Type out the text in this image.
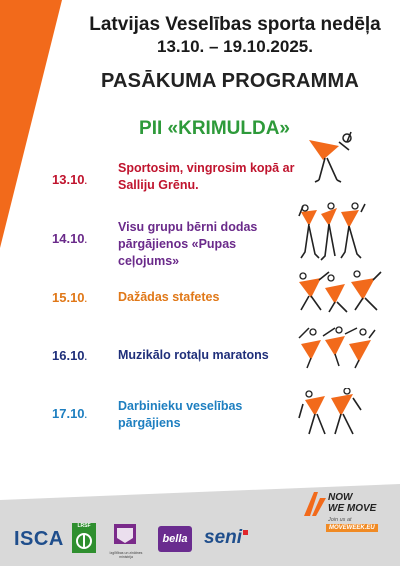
Latvijas Veselības sporta nedēļa
13.10. – 19.10.2025.
PASĀKUMA PROGRAMMA
PII «KRIMULDA»
13.10.
Sportosim, vingrosim kopā ar
Salliju Grēnu.
14.10.
Visu grupu bērni dodas
pārgājienos «Pupas ceļojums»
15.10. Dažādas stafetes
16.10. Muzikālo rotaļu maratons
17.10.
Darbinieku veselības
pārgājiens
NOW
WE MOVE
Join us at
MOVEWEEK.EU
ISCA
LRSF
Izglītības un zinātnes ministrija
bella seni
